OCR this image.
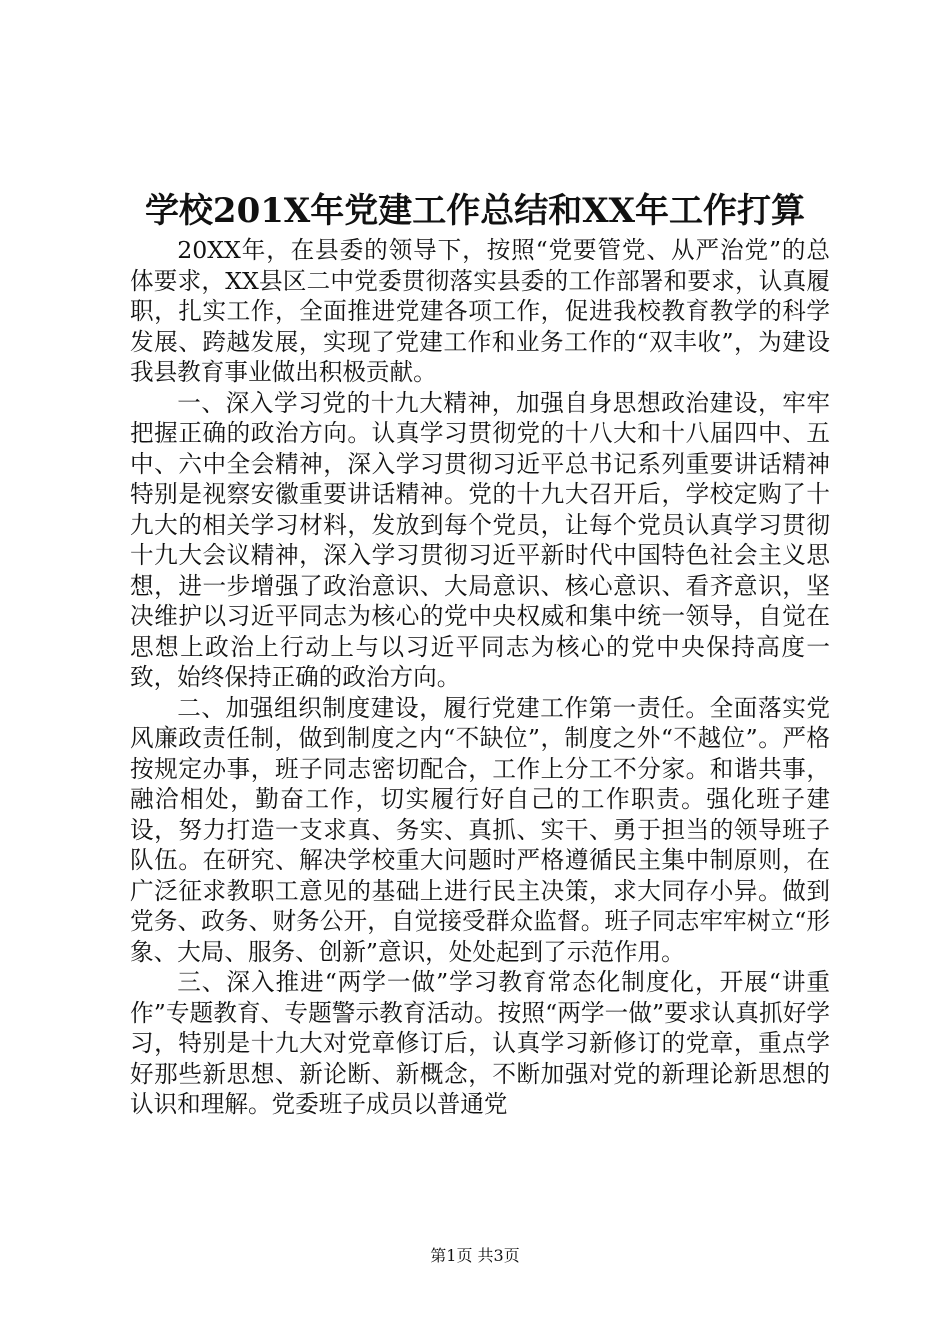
学校201X年党建工作总结和XX年工作打算

20XX年，在县委的领导下，按照“党要管党、从严治党”的总体要求，XX县区二中党委贯彻落实县委的工作部署和要求，认真履职，扎实工作，全面推进党建各项工作，促进我校教育教学的科学发展、跨越发展，实现了党建工作和业务工作的“双丰收”，为建设我县教育事业做出积极贡献。

一、深入学习党的十九大精神，加强自身思想政治建设，牢牢把握正确的政治方向。认真学习贯彻党的十八大和十八届四中、五中、六中全会精神，深入学习贯彻习近平总书记系列重要讲话精神特别是视察安徽重要讲话精神。党的十九大召开后，学校定购了十九大的相关学习材料，发放到每个党员，让每个党员认真学习贯彻十九大会议精神，深入学习贯彻习近平新时代中国特色社会主义思想，进一步增强了政治意识、大局意识、核心意识、看齐意识，坚决维护以习近平同志为核心的党中央权威和集中统一领导，自觉在思想上政治上行动上与以习近平同志为核心的党中央保持高度一致，始终保持正确的政治方向。

二、加强组织制度建设，履行党建工作第一责任。全面落实党风廉政责任制，做到制度之内“不缺位”，制度之外“不越位”。严格按规定办事，班子同志密切配合，工作上分工不分家。和谐共事，融洽相处，勤奋工作，切实履行好自己的工作职责。强化班子建设，努力打造一支求真、务实、真抓、实干、勇于担当的领导班子队伍。在研究、解决学校重大问题时严格遵循民主集中制原则，在广泛征求教职工意见的基础上进行民主决策，求大同存小异。做到党务、政务、财务公开，自觉接受群众监督。班子同志牢牢树立“形象、大局、服务、创新”意识，处处起到了示范作用。

三、深入推进“两学一做”学习教育常态化制度化，开展“讲重作”专题教育、专题警示教育活动。按照“两学一做”要求认真抓好学习，特别是十九大对党章修订后，认真学习新修订的党章，重点学好那些新思想、新论断、新概念，不断加强对党的新理论新思想的认识和理解。党委班子成员以普通党

第1页 共3页
